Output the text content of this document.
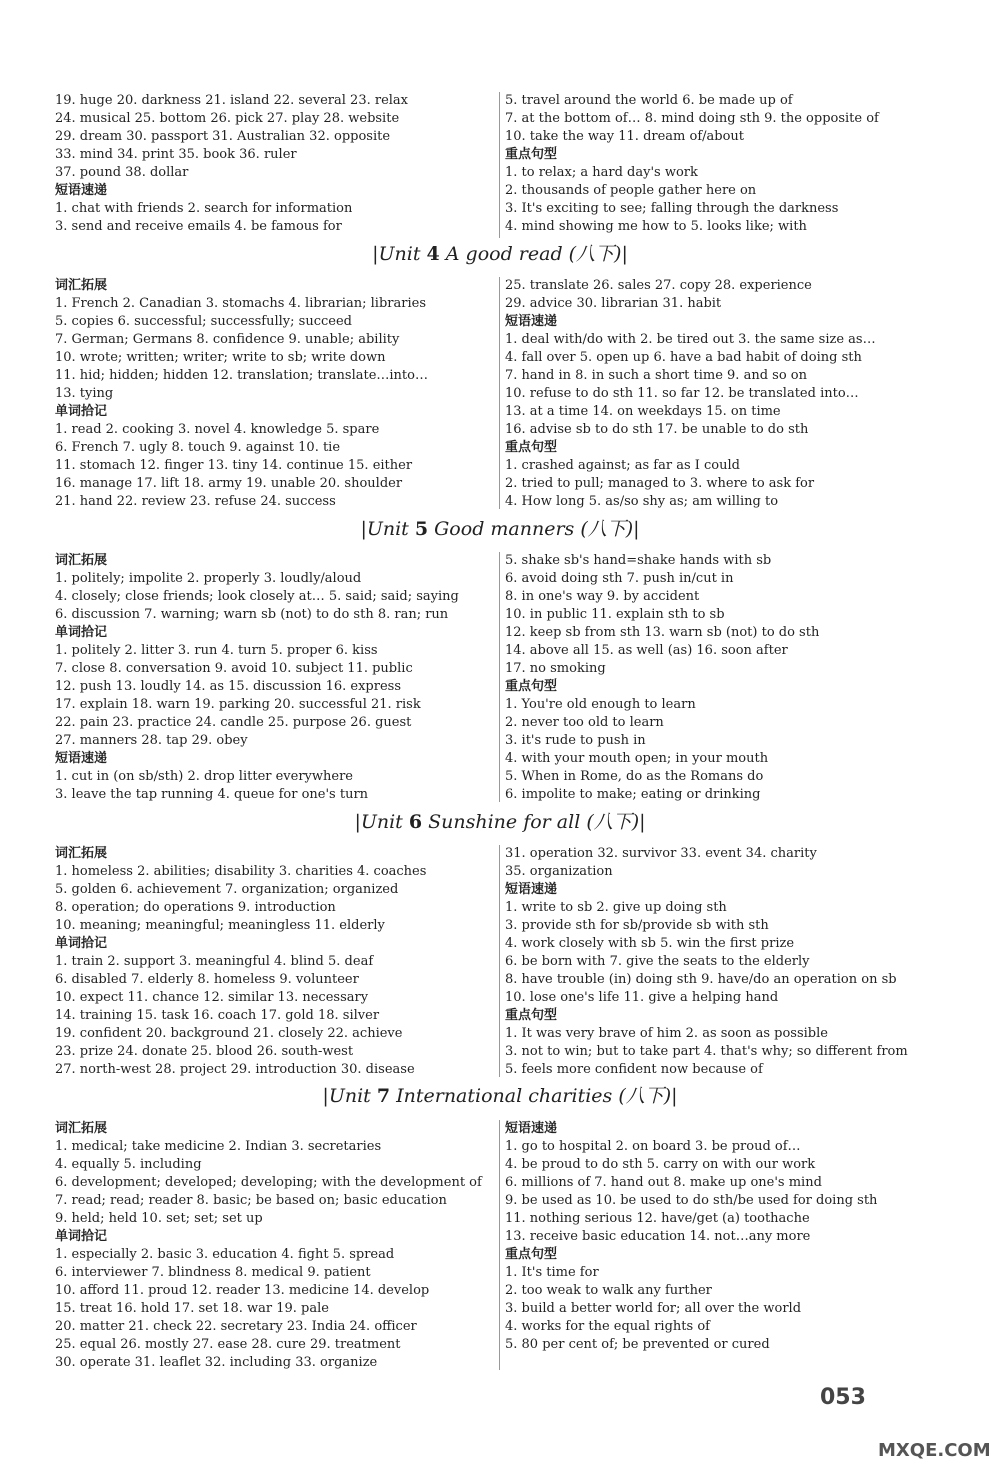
19. huge 20. darkness 21. island 22. several 23. relax
24. musical 25. bottom 26. pick 27. play 28. website
29. dream 30. passport 31. Australian 32. opposite
33. mind 34. print 35. book 36. ruler
37. pound 38. dollar
短语速递
1. chat with friends 2. search for information
3. send and receive emails 4. be famous for
5. travel around the world 6. be made up of
7. at the bottom of… 8. mind doing sth 9. the opposite of
10. take the way 11. dream of/about
重点句型
1. to relax; a hard day's work
2. thousands of people gather here on
3. It's exciting to see; falling through the darkness
4. mind showing me how to 5. looks like; with
|Unit 4 A good read (八下)|
词汇拓展
1. French 2. Canadian 3. stomachs 4. librarian; libraries
5. copies 6. successful; successfully; succeed
7. German; Germans 8. confidence 9. unable; ability
10. wrote; written; writer; write to sb; write down
11. hid; hidden; hidden 12. translation; translate…into…
13. tying
单词拾记
1. read 2. cooking 3. novel 4. knowledge 5. spare
6. French 7. ugly 8. touch 9. against 10. tie
11. stomach 12. finger 13. tiny 14. continue 15. either
16. manage 17. lift 18. army 19. unable 20. shoulder
21. hand 22. review 23. refuse 24. success
25. translate 26. sales 27. copy 28. experience
29. advice 30. librarian 31. habit
短语速递
1. deal with/do with 2. be tired out 3. the same size as…
4. fall over 5. open up 6. have a bad habit of doing sth
7. hand in 8. in such a short time 9. and so on
10. refuse to do sth 11. so far 12. be translated into…
13. at a time 14. on weekdays 15. on time
16. advise sb to do sth 17. be unable to do sth
重点句型
1. crashed against; as far as I could
2. tried to pull; managed to 3. where to ask for
4. How long 5. as/so shy as; am willing to
|Unit 5 Good manners (八下)|
词汇拓展
1. politely; impolite 2. properly 3. loudly/aloud
4. closely; close friends; look closely at… 5. said; said; saying
6. discussion 7. warning; warn sb (not) to do sth 8. ran; run
单词拾记
1. politely 2. litter 3. run 4. turn 5. proper 6. kiss
7. close 8. conversation 9. avoid 10. subject 11. public
12. push 13. loudly 14. as 15. discussion 16. express
17. explain 18. warn 19. parking 20. successful 21. risk
22. pain 23. practice 24. candle 25. purpose 26. guest
27. manners 28. tap 29. obey
短语速递
1. cut in (on sb/sth) 2. drop litter everywhere
3. leave the tap running 4. queue for one's turn
5. shake sb's hand=shake hands with sb
6. avoid doing sth 7. push in/cut in
8. in one's way 9. by accident
10. in public 11. explain sth to sb
12. keep sb from sth 13. warn sb (not) to do sth
14. above all 15. as well (as) 16. soon after
17. no smoking
重点句型
1. You're old enough to learn
2. never too old to learn
3. it's rude to push in
4. with your mouth open; in your mouth
5. When in Rome, do as the Romans do
6. impolite to make; eating or drinking
|Unit 6 Sunshine for all (八下)|
词汇拓展
1. homeless 2. abilities; disability 3. charities 4. coaches
5. golden 6. achievement 7. organization; organized
8. operation; do operations 9. introduction
10. meaning; meaningful; meaningless 11. elderly
单词拾记
1. train 2. support 3. meaningful 4. blind 5. deaf
6. disabled 7. elderly 8. homeless 9. volunteer
10. expect 11. chance 12. similar 13. necessary
14. training 15. task 16. coach 17. gold 18. silver
19. confident 20. background 21. closely 22. achieve
23. prize 24. donate 25. blood 26. south-west
27. north-west 28. project 29. introduction 30. disease
31. operation 32. survivor 33. event 34. charity
35. organization
短语速递
1. write to sb 2. give up doing sth
3. provide sth for sb/provide sb with sth
4. work closely with sb 5. win the first prize
6. be born with 7. give the seats to the elderly
8. have trouble (in) doing sth 9. have/do an operation on sb
10. lose one's life 11. give a helping hand
重点句型
1. It was very brave of him 2. as soon as possible
3. not to win; but to take part 4. that's why; so different from
5. feels more confident now because of
|Unit 7 International charities (八下)|
词汇拓展
1. medical; take medicine 2. Indian 3. secretaries
4. equally 5. including
6. development; developed; developing; with the development of
7. read; read; reader 8. basic; be based on; basic education
9. held; held 10. set; set; set up
单词拾记
1. especially 2. basic 3. education 4. fight 5. spread
6. interviewer 7. blindness 8. medical 9. patient
10. afford 11. proud 12. reader 13. medicine 14. develop
15. treat 16. hold 17. set 18. war 19. pale
20. matter 21. check 22. secretary 23. India 24. officer
25. equal 26. mostly 27. ease 28. cure 29. treatment
30. operate 31. leaflet 32. including 33. organize
短语速递
1. go to hospital 2. on board 3. be proud of…
4. be proud to do sth 5. carry on with our work
6. millions of 7. hand out 8. make up one's mind
9. be used as 10. be used to do sth/be used for doing sth
11. nothing serious 12. have/get (a) toothache
13. receive basic education 14. not…any more
重点句型
1. It's time for
2. too weak to walk any further
3. build a better world for; all over the world
4. works for the equal rights of
5. 80 per cent of; be prevented or cured
053
MXQE.COM
